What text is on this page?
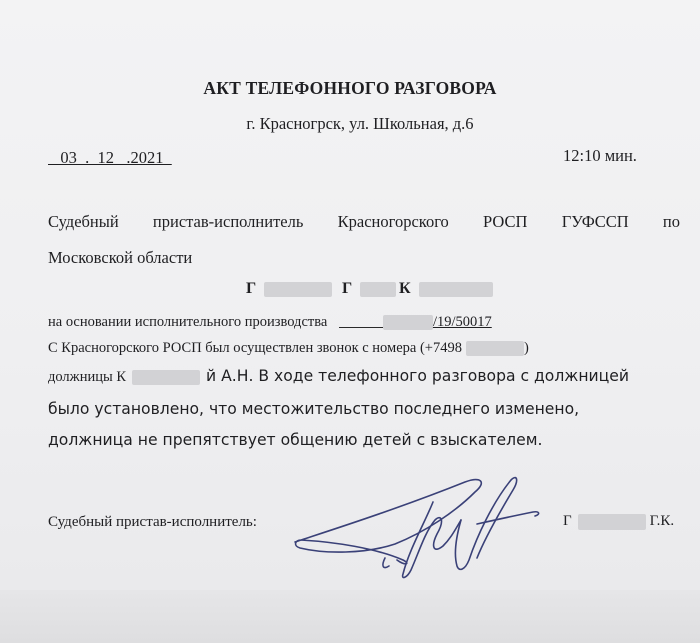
АКТ ТЕЛЕФОННОГО РАЗГОВОРА
г. Красногрск, ул. Школьная, д.6
03  .  12   .2021	12:10 мин.
Судебный пристав-исполнитель Красногорского РОСП ГУФССП по
Московской области
Г	Г	К
на основании исполнительного производства	/19/50017
С Красногорского РОСП был осуществлен звонок с номера (+7498	)
должницы К	й А.Н. В ходе телефонного разговора с должницей
было установлено, что местожительство последнего изменено,
должница не препятствует общению детей с взыскателем.
Судебный пристав-исполнитель:	Г	Г.К.
